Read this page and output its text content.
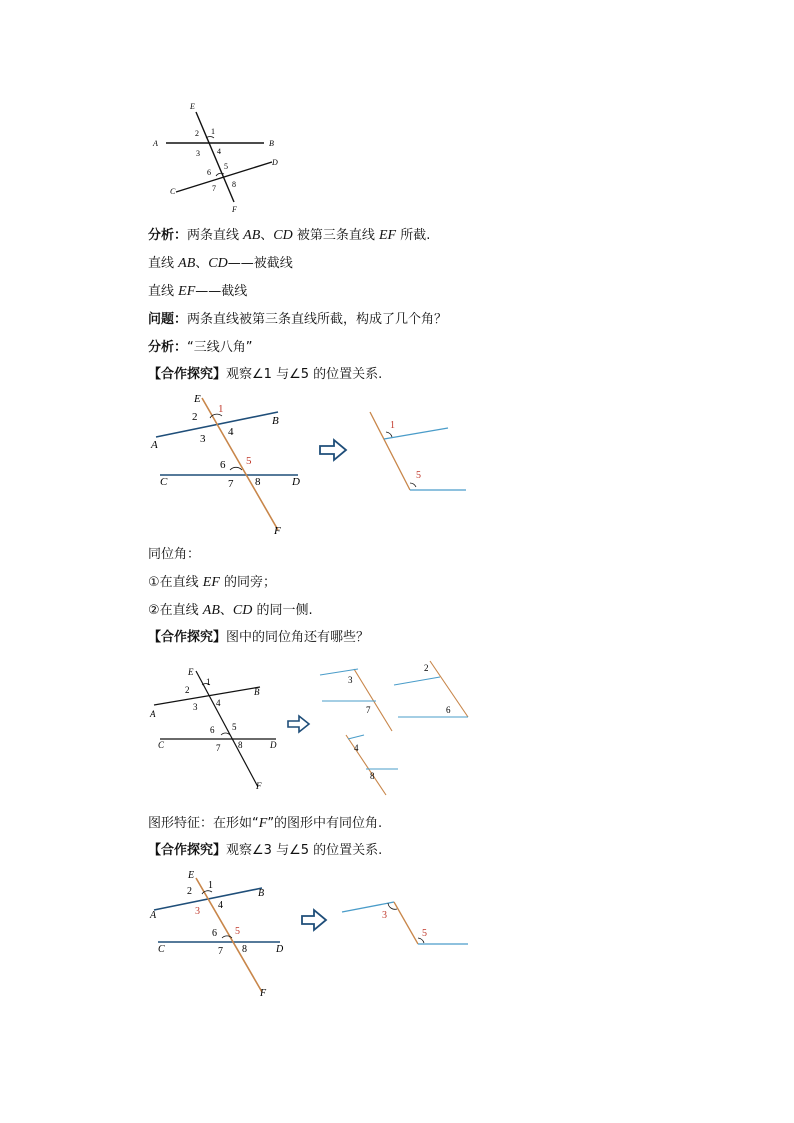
E
A	B
C
D
F
1
2
3 4
5
6
7 8
分析：两条直线 AB、CD 被第三条直线 EF 所截.
直线 AB、CD——被截线
直线 EF——截线
问题：两条直线被第三条直线所截，构成了几个角？
分析：“三线八角”
【合作探究】观察∠1 与∠5 的位置关系.
E
A
B
C	D
F
1
2
3
4
5
6
7 8
1
5
同位角：
①在直线 EF 的同旁；
②在直线 AB、CD 的同一侧.
【合作探究】图中的同位角还有哪些？
E
A
B
C	D
F
1
2
3 4
5
6
7 8
3
7
2
6
4
8
图形特征：在形如“F”的图形中有同位角.
【合作探究】观察∠3 与∠5 的位置关系.
E
A
B
C	D
F
1
2
3
4
5
6
7 8
3
5
